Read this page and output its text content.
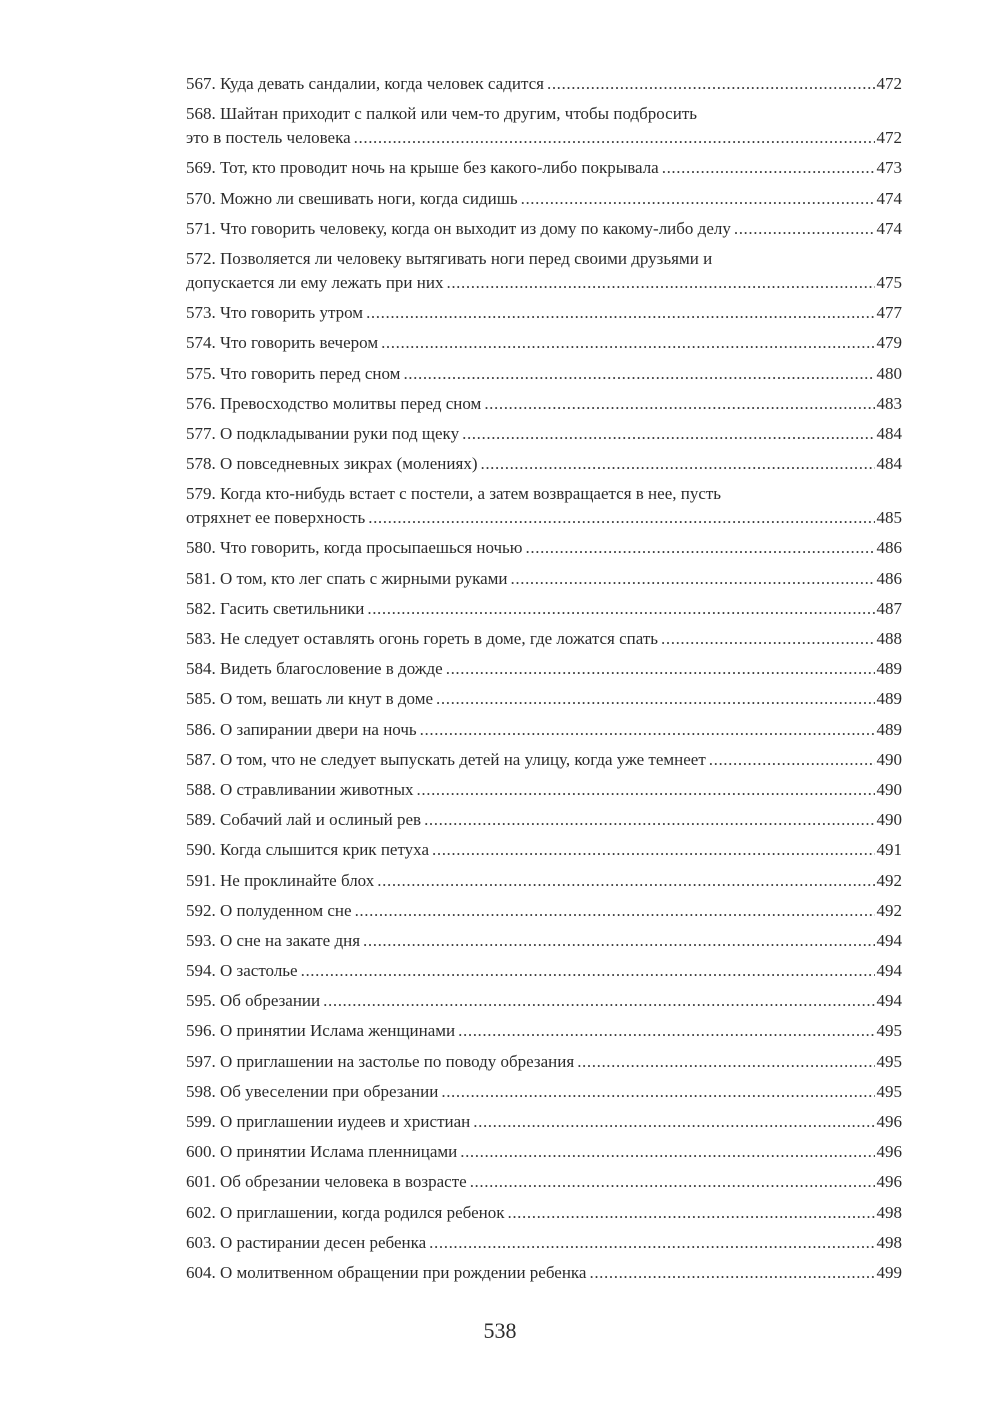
567. Куда девать сандалии, когда человек садится .....	472
568. Шайтан приходит с палкой или чем-то другим, чтобы подбросить
это в постель человека .....	472
569. Тот, кто проводит ночь на крыше без какого-либо покрывала .....	473
570. Можно ли свешивать ноги, когда сидишь .....	474
571. Что говорить человеку, когда он выходит из дому по какому-либо делу .....	474
572. Позволяется ли человеку вытягивать ноги перед своими друзьями и
допускается ли ему лежать при них .....	475
573. Что говорить утром .....	477
574. Что говорить вечером .....	479
575. Что говорить перед сном .....	480
576. Превосходство молитвы перед сном .....	483
577. О подкладывании руки под щеку .....	484
578. О повседневных зикрах (молениях) .....	484
579. Когда кто-нибудь встает с постели, а затем возвращается в нее, пусть
отряхнет ее поверхность .....	485
580. Что говорить, когда просыпаешься ночью .....	486
581. О том, кто лег спать с жирными руками .....	486
582. Гасить светильники .....	487
583. Не следует оставлять огонь гореть в доме, где ложатся спать .....	488
584. Видеть благословение в дожде .....	489
585. О том, вешать ли кнут в доме .....	489
586. О запирании двери на ночь .....	489
587. О том, что не следует выпускать детей на улицу, когда уже темнеет .....	490
588. О стравливании животных .....	490
589. Собачий лай и ослиный рев .....	490
590. Когда слышится крик петуха .....	491
591. Не проклинайте блох .....	492
592. О полуденном сне .....	492
593. О сне на закате дня .....	494
594. О застолье .....	494
595. Об обрезании .....	494
596. О принятии Ислама женщинами .....	495
597. О приглашении на застолье по поводу обрезания .....	495
598. Об увеселении при обрезании .....	495
599. О приглашении иудеев и христиан .....	496
600. О принятии Ислама пленницами .....	496
601. Об обрезании человека в возрасте .....	496
602. О приглашении, когда родился ребенок .....	498
603. О растирании десен ребенка .....	498
604. О молитвенном обращении при рождении ребенка .....	499
538
